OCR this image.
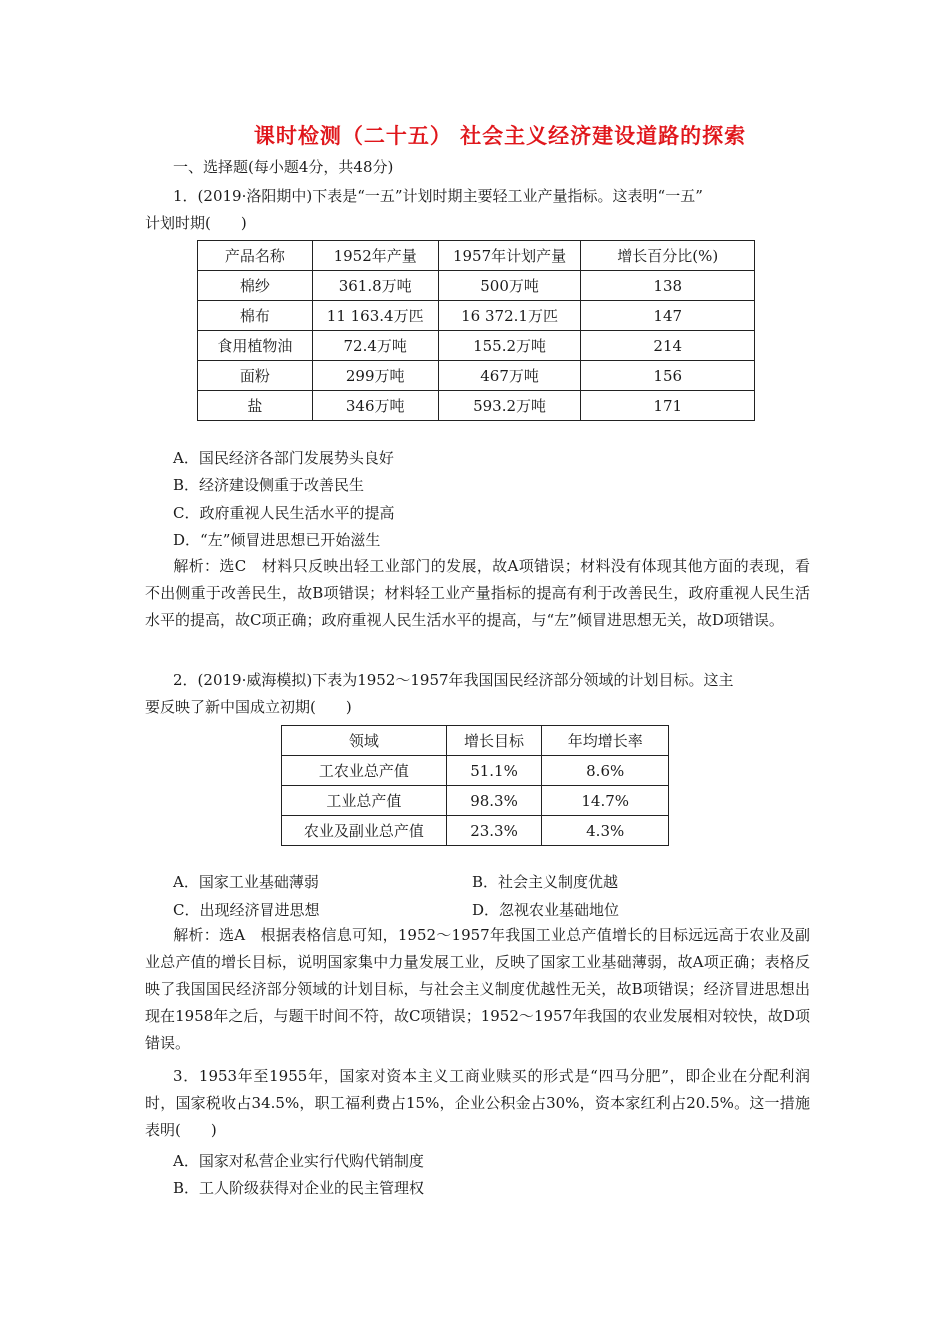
课时检测（二十五） 社会主义经济建设道路的探索
一、选择题(每小题4分，共48分)
1．(2019·洛阳期中)下表是“一五”计划时期主要轻工业产量指标。这表明“一五”
计划时期(　　)
产品名称	1952年产量	1957年计划产量	增长百分比(%)
棉纱	361.8万吨	500万吨	138
棉布	11 163.4万匹	16 372.1万匹	147
食用植物油	72.4万吨	155.2万吨	214
面粉	299万吨	467万吨	156
盐	346万吨	593.2万吨	171
A．国民经济各部门发展势头良好
B．经济建设侧重于改善民生
C．政府重视人民生活水平的提高
D．“左”倾冒进思想已开始滋生
解析：选C　材料只反映出轻工业部门的发展，故A项错误；材料没有体现其他方面的表现，看不出侧重于改善民生，故B项错误；材料轻工业产量指标的提高有利于改善民生，政府重视人民生活水平的提高，故C项正确；政府重视人民生活水平的提高，与“左”倾冒进思想无关，故D项错误。
2．(2019·威海模拟)下表为1952～1957年我国国民经济部分领域的计划目标。这主
要反映了新中国成立初期(　　)
领域	增长目标	年均增长率
工农业总产值	51.1%	8.6%
工业总产值	98.3%	14.7%
农业及副业总产值	23.3%	4.3%
A．国家工业基础薄弱	B．社会主义制度优越
C．出现经济冒进思想	D．忽视农业基础地位
解析：选A　根据表格信息可知，1952～1957年我国工业总产值增长的目标远远高于农业及副业总产值的增长目标，说明国家集中力量发展工业，反映了国家工业基础薄弱，故A项正确；表格反映了我国国民经济部分领域的计划目标，与社会主义制度优越性无关，故B项错误；经济冒进思想出现在1958年之后，与题干时间不符，故C项错误；1952～1957年我国的农业发展相对较快，故D项错误。
3．1953年至1955年，国家对资本主义工商业赎买的形式是“四马分肥”，即企业在分配利润时，国家税收占34.5%，职工福利费占15%，企业公积金占30%，资本家红利占20.5%。这一措施表明(　　)
A．国家对私营企业实行代购代销制度
B．工人阶级获得对企业的民主管理权
